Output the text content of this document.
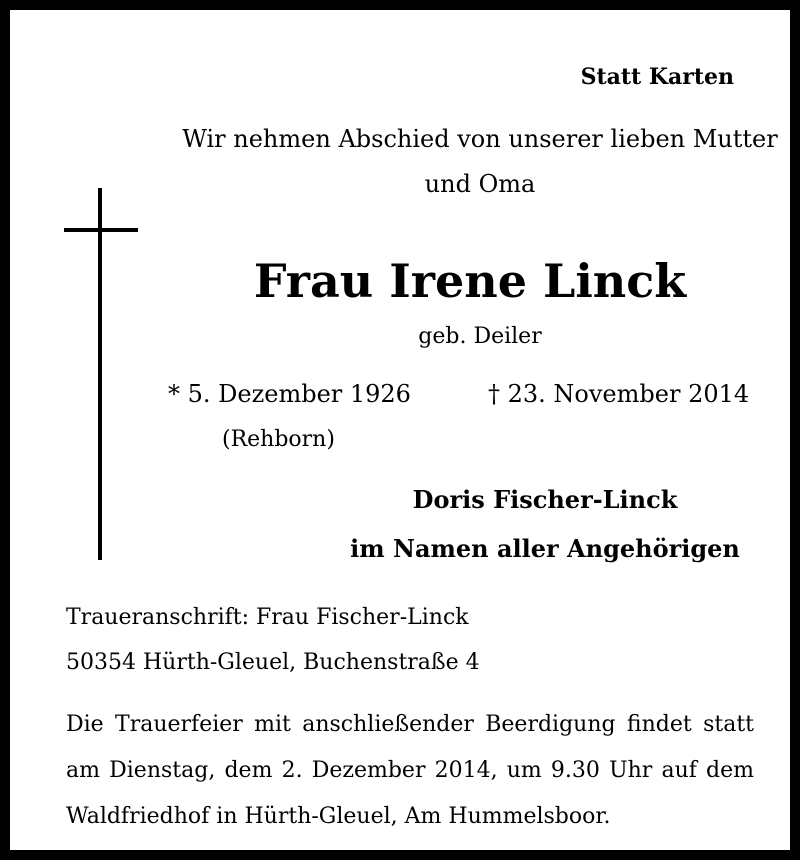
Statt Karten
Wir nehmen Abschied von unserer lieben Mutter
und Oma
Frau Irene Linck
geb. Deiler
* 5. Dezember 1926	† 23. November 2014
(Rehborn)
Doris Fischer-Linck
im Namen aller Angehörigen
Traueranschrift: Frau Fischer-Linck
50354 Hürth-Gleuel, Buchenstraße 4
Die Trauerfeier mit anschließender Beerdigung findet statt
am Dienstag, dem 2. Dezember 2014, um 9.30 Uhr auf dem
Waldfriedhof in Hürth-Gleuel, Am Hummelsboor.
